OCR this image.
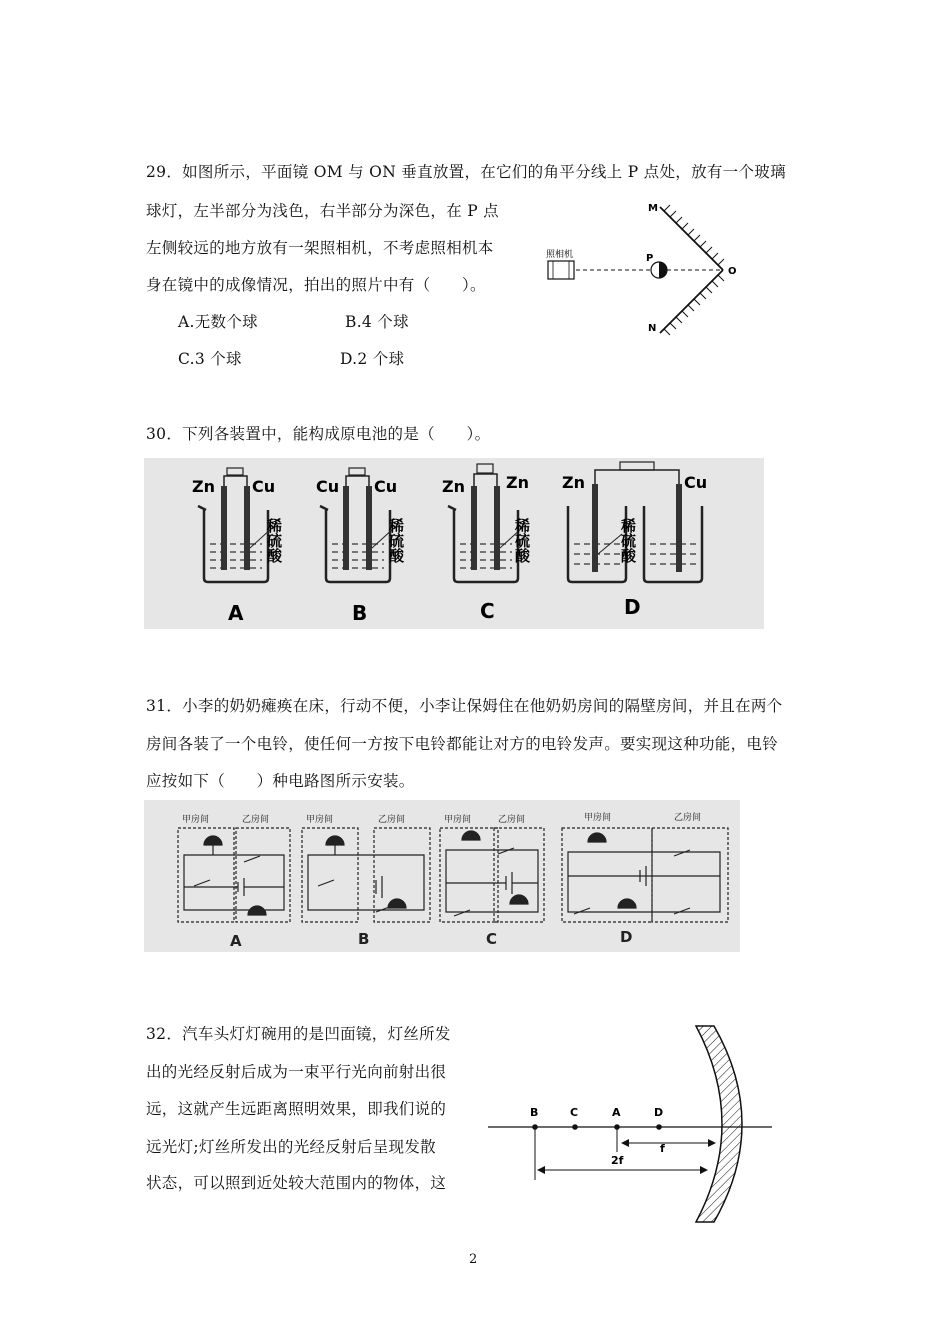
29．如图所示，平面镜 OM 与 ON 垂直放置，在它们的角平分线上 P 点处，放有一个玻璃
球灯，左半部分为浅色，右半部分为深色，在 P 点
左侧较远的地方放有一架照相机，不考虑照相机本
身在镜中的成像情况，拍出的照片中有（　　）。
A.无数个球	B.4 个球
C.3 个球	D.2 个球
M
N
O
照相机	P
30．下列各装置中，能构成原电池的是（　　）。
Zn Cu
稀硫酸
A
Cu Cu
稀硫酸
B
Zn	Zn
稀硫酸
C
Zn	Cu
稀硫酸
D
31．小李的奶奶瘫痪在床，行动不便，小李让保姆住在他奶奶房间的隔壁房间，并且在两个
房间各装了一个电铃，使任何一方按下电铃都能让对方的电铃发声。要实现这种功能，电铃
应按如下（　　）种电路图所示安装。
甲房间	乙房间	甲房间	乙房间	甲房间	乙房间	甲房间	乙房间
A	B	C	D
32．汽车头灯灯碗用的是凹面镜，灯丝所发
出的光经反射后成为一束平行光向前射出很
远，这就产生远距离照明效果，即我们说的
远光灯;灯丝所发出的光经反射后呈现发散
状态，可以照到近处较大范围内的物体，这
B	C	A	D
f
2f
2
